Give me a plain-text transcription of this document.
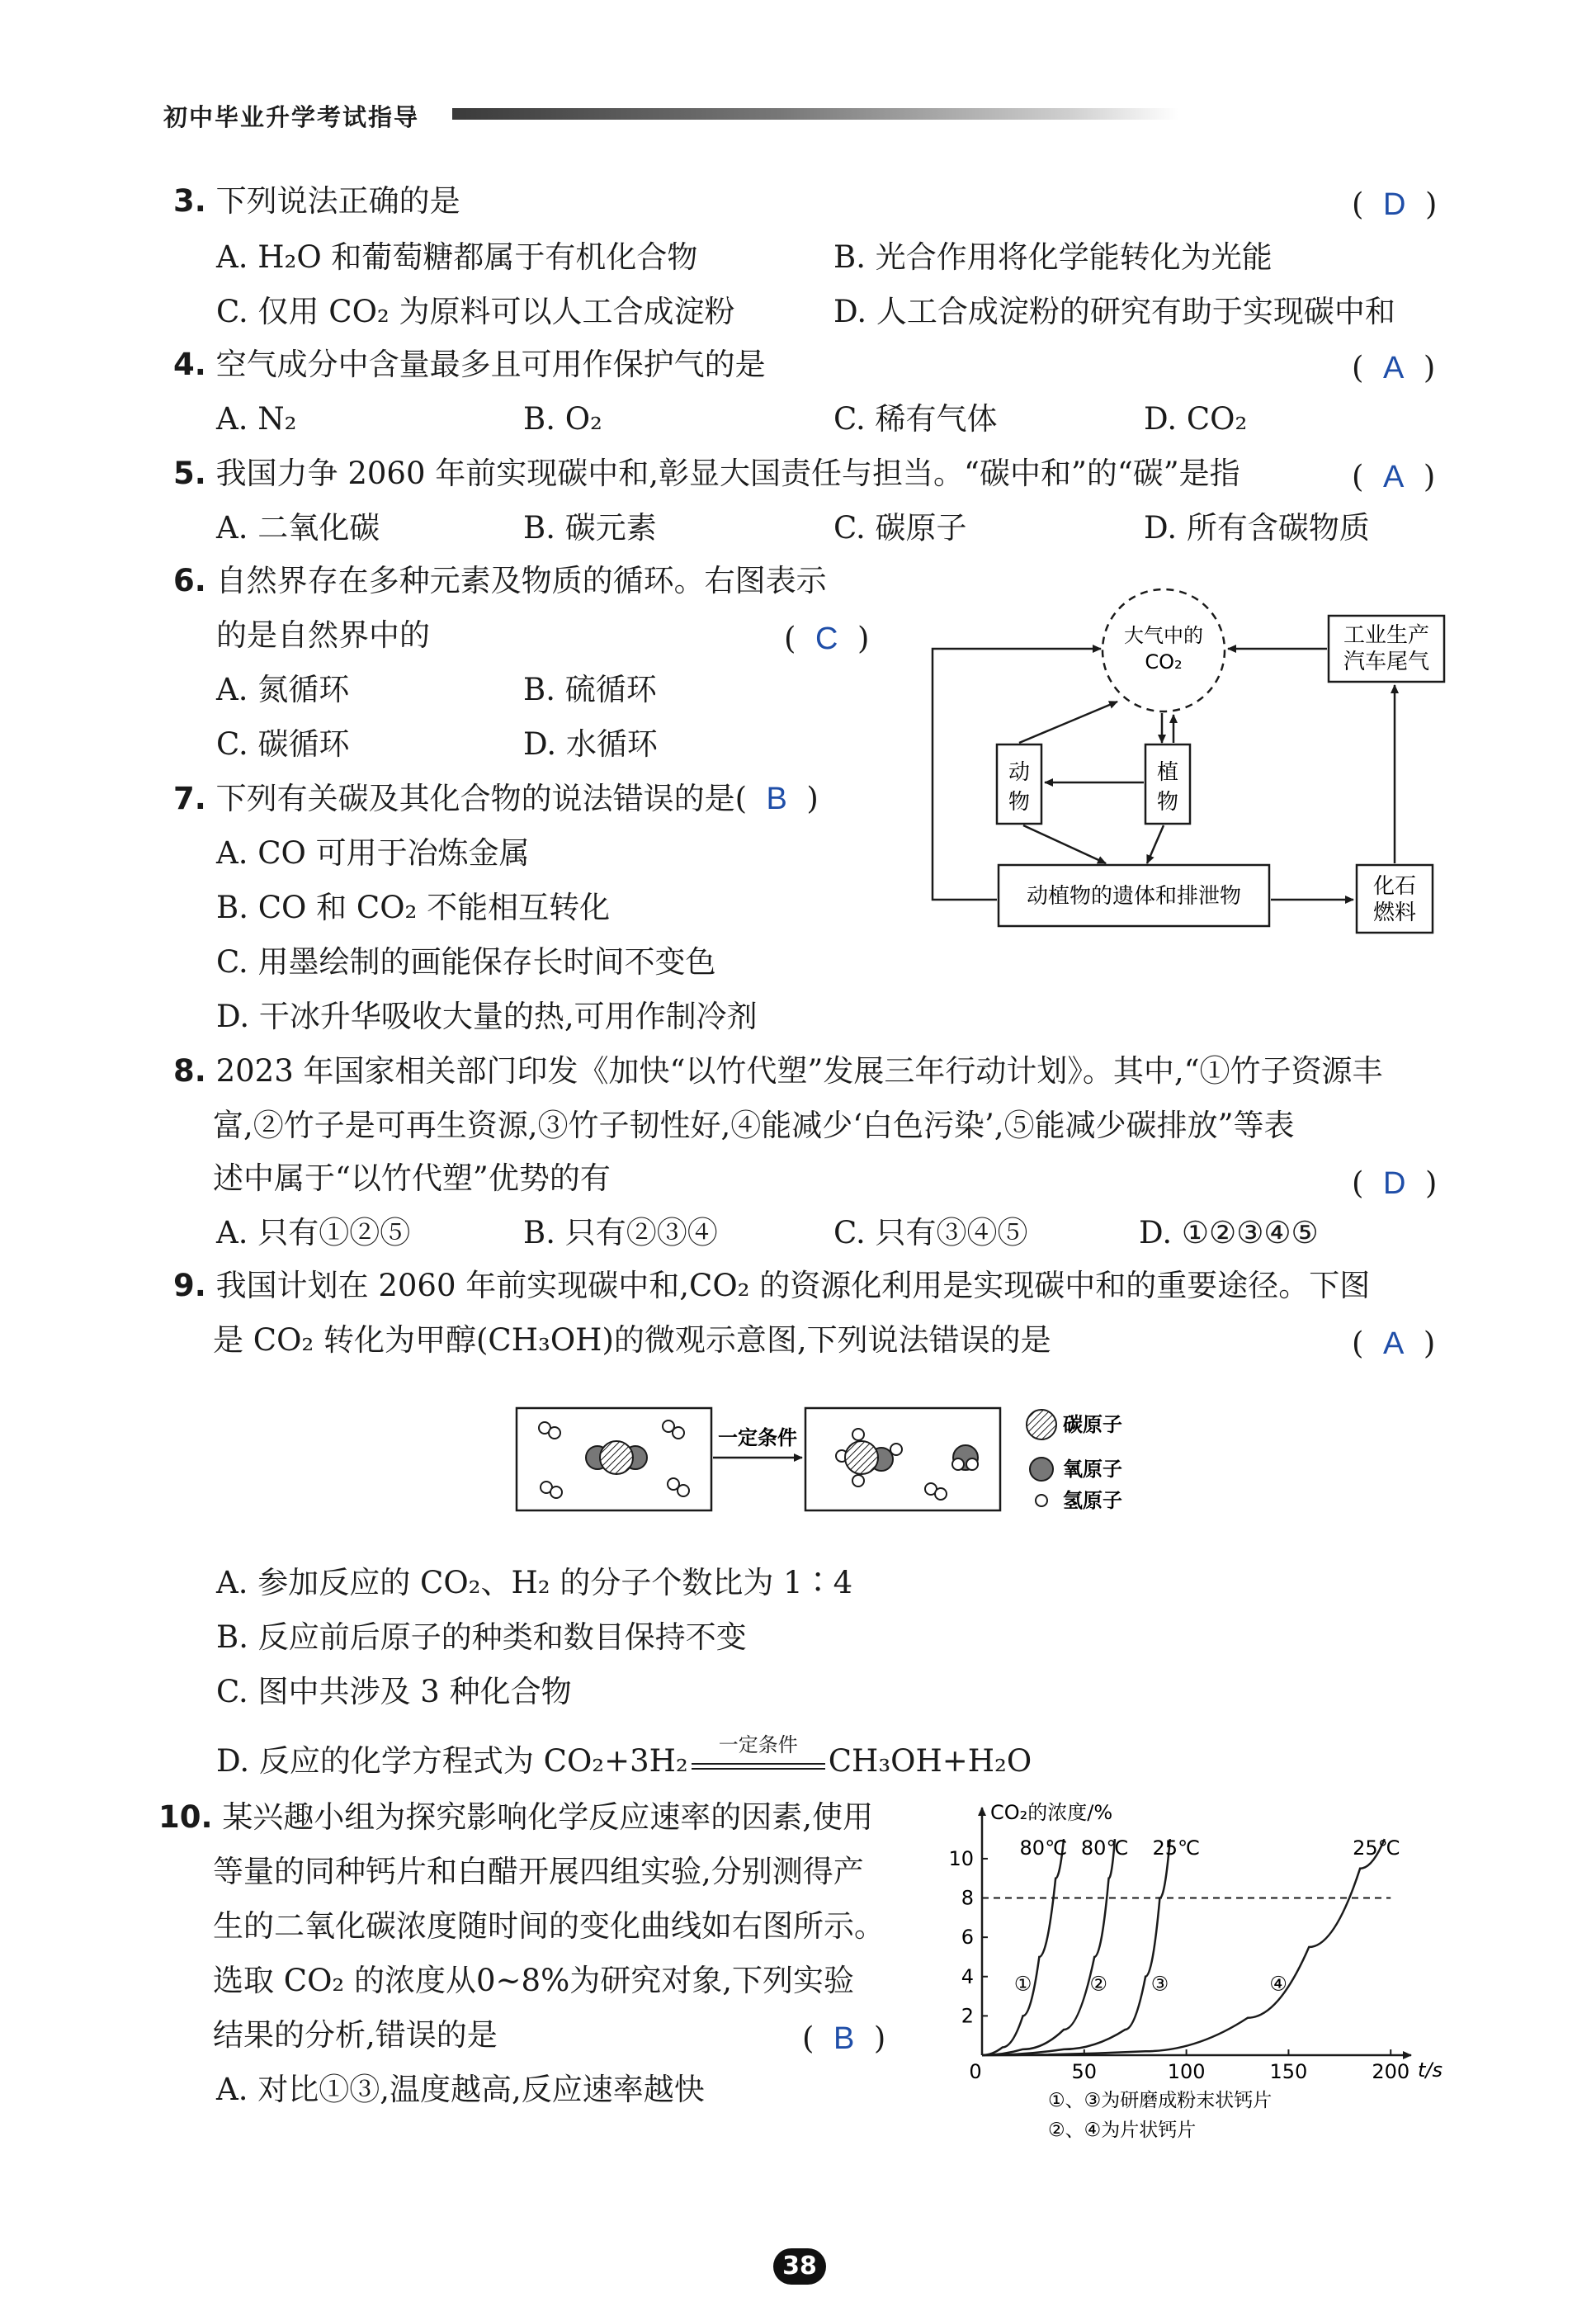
初中毕业升学考试指导
3. 下列说法正确的是	(  D  )
A. H₂O 和葡萄糖都属于有机化合物	B. 光合作用将化学能转化为光能
C. 仅用 CO₂ 为原料可以人工合成淀粉	D. 人工合成淀粉的研究有助于实现碳中和
4. 空气成分中含量最多且可用作保护气的是	(  A  )
A. N₂	B. O₂	C. 稀有气体	D. CO₂
5. 我国力争 2060 年前实现碳中和,彰显大国责任与担当。“碳中和”的“碳”是指	(  A  )
A. 二氧化碳	B. 碳元素	C. 碳原子	D. 所有含碳物质
6. 自然界存在多种元素及物质的循环。右图表示
的是自然界中的	(  C  )
A. 氮循环	B. 硫循环
C. 碳循环	D. 水循环
大气中的
CO₂
工业生产
汽车尾气
动
物
植
物
动植物的遗体和排泄物	化石
燃料
7. 下列有关碳及其化合物的说法错误的是(  B  )
A. CO 可用于冶炼金属
B. CO 和 CO₂ 不能相互转化
C. 用墨绘制的画能保存长时间不变色
D. 干冰升华吸收大量的热,可用作制冷剂
8. 2023 年国家相关部门印发《加快“以竹代塑”发展三年行动计划》。其中,“①竹子资源丰
富,②竹子是可再生资源,③竹子韧性好,④能减少‘白色污染’,⑤能减少碳排放”等表
述中属于“以竹代塑”优势的有	(  D  )
A. 只有①②⑤	B. 只有②③④	C. 只有③④⑤	D. ①②③④⑤
9. 我国计划在 2060 年前实现碳中和,CO₂ 的资源化利用是实现碳中和的重要途径。下图
是 CO₂ 转化为甲醇(CH₃OH)的微观示意图,下列说法错误的是	(  A  )
一定条件
碳原子
氧原子
氢原子
A. 参加反应的 CO₂、H₂ 的分子个数比为 1∶4
B. 反应前后原子的种类和数目保持不变
C. 图中共涉及 3 种化合物
D. 反应的化学方程式为 CO₂+3H₂	一定条件	CH₃OH+H₂O
10. 某兴趣小组为探究影响化学反应速率的因素,使用
等量的同种钙片和白醋开展四组实验,分别测得产
生的二氧化碳浓度随时间的变化曲线如右图所示。
选取 CO₂ 的浓度从0~8%为研究对象,下列实验
结果的分析,错误的是	(  B  )
A. 对比①③,温度越高,反应速率越快
CO₂的浓度/%
t/s
0	50	100	150	200
2
4
6
8
10
①
80℃
②
80℃
③
25℃
④
25℃
①、③为研磨成粉末状钙片
②、④为片状钙片
38
